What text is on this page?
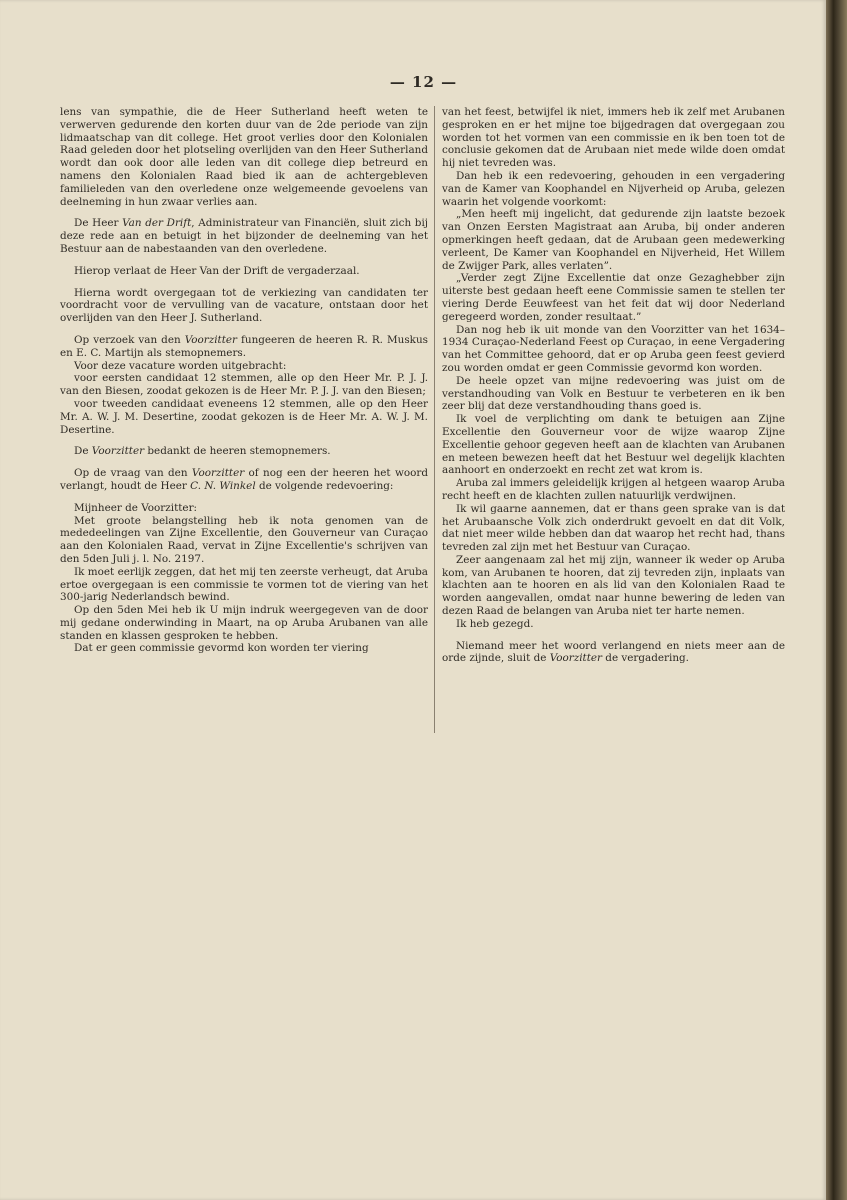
— 12 —

lens van sympathie, die de Heer Sutherland heeft weten te verwerven gedurende den korten duur van de 2de periode van zijn lidmaatschap van dit college. Het groot verlies door den Kolonialen Raad geleden door het plotseling overlijden van den Heer Sutherland wordt dan ook door alle leden van dit college diep betreurd en namens den Kolonialen Raad bied ik aan de achtergebleven familieleden van den overledene onze welgemeende gevoelens van deelneming in hun zwaar verlies aan.

De Heer Van der Drift, Administrateur van Financiën, sluit zich bij deze rede aan en betuigt in het bijzonder de deelneming van het Bestuur aan de nabestaanden van den overledene.

Hierop verlaat de Heer Van der Drift de vergaderzaal.

Hierna wordt overgegaan tot de verkiezing van candidaten ter voordracht voor de vervulling van de vacature, ontstaan door het overlijden van den Heer J. Sutherland.

Op verzoek van den Voorzitter fungeeren de heeren R. R. Muskus en E. C. Martijn als stemopnemers.

Voor deze vacature worden uitgebracht:

voor eersten candidaat 12 stemmen, alle op den Heer Mr. P. J. J. van den Biesen, zoodat gekozen is de Heer Mr. P. J. J. van den Biesen;

voor tweeden candidaat eveneens 12 stemmen, alle op den Heer Mr. A. W. J. M. Desertine, zoodat gekozen is de Heer Mr. A. W. J. M. Desertine.

De Voorzitter bedankt de heeren stemopnemers.

Op de vraag van den Voorzitter of nog een der heeren het woord verlangt, houdt de Heer C. N. Winkel de volgende redevoering:

Mijnheer de Voorzitter:

Met groote belangstelling heb ik nota genomen van de mededeelingen van Zijne Excellentie, den Gouverneur van Curaçao aan den Kolonialen Raad, vervat in Zijne Excellentie's schrijven van den 5den Juli j. l. No. 2197.

Ik moet eerlijk zeggen, dat het mij ten zeerste verheugt, dat Aruba ertoe overgegaan is een commissie te vormen tot de viering van het 300-jarig Nederlandsch bewind.

Op den 5den Mei heb ik U mijn indruk weergegeven van de door mij gedane onderwinding in Maart, na op Aruba Arubanen van alle standen en klassen gesproken te hebben.

Dat er geen commissie gevormd kon worden ter viering

van het feest, betwijfel ik niet, immers heb ik zelf met Arubanen gesproken en er het mijne toe bijgedragen dat overgegaan zou worden tot het vormen van een commissie en ik ben toen tot de conclusie gekomen dat de Arubaan niet mede wilde doen omdat hij niet tevreden was.

Dan heb ik een redevoering, gehouden in een vergadering van de Kamer van Koophandel en Nijverheid op Aruba, gelezen waarin het volgende voorkomt:

„Men heeft mij ingelicht, dat gedurende zijn laatste bezoek van Onzen Eersten Magistraat aan Aruba, bij onder anderen opmerkingen heeft gedaan, dat de Arubaan geen medewerking verleent, De Kamer van Koophandel en Nijverheid, Het Willem de Zwijger Park, alles verlaten”.

„Verder zegt Zijne Excellentie dat onze Gezaghebber zijn uiterste best gedaan heeft eene Commissie samen te stellen ter viering Derde Eeuwfeest van het feit dat wij door Nederland geregeerd worden, zonder resultaat.”

Dan nog heb ik uit monde van den Voorzitter van het 1634–1934 Curaçao-Nederland Feest op Curaçao, in eene Vergadering van het Committee gehoord, dat er op Aruba geen feest gevierd zou worden omdat er geen Commissie gevormd kon worden.

De heele opzet van mijne redevoering was juist om de verstandhouding van Volk en Bestuur te verbeteren en ik ben zeer blij dat deze verstandhouding thans goed is.

Ik voel de verplichting om dank te betuigen aan Zijne Excellentie den Gouverneur voor de wijze waarop Zijne Excellentie gehoor gegeven heeft aan de klachten van Arubanen en meteen bewezen heeft dat het Bestuur wel degelijk klachten aanhoort en onderzoekt en recht zet wat krom is.

Aruba zal immers geleidelijk krijgen al hetgeen waarop Aruba recht heeft en de klachten zullen natuurlijk verdwijnen.

Ik wil gaarne aannemen, dat er thans geen sprake van is dat het Arubaansche Volk zich onderdrukt gevoelt en dat dit Volk, dat niet meer wilde hebben dan dat waarop het recht had, thans tevreden zal zijn met het Bestuur van Curaçao.

Zeer aangenaam zal het mij zijn, wanneer ik weder op Aruba kom, van Arubanen te hooren, dat zij tevreden zijn, inplaats van klachten aan te hooren en als lid van den Kolonialen Raad te worden aangevallen, omdat naar hunne bewering de leden van dezen Raad de belangen van Aruba niet ter harte nemen.

Ik heb gezegd.

Niemand meer het woord verlangend en niets meer aan de orde zijnde, sluit de Voorzitter de vergadering.
